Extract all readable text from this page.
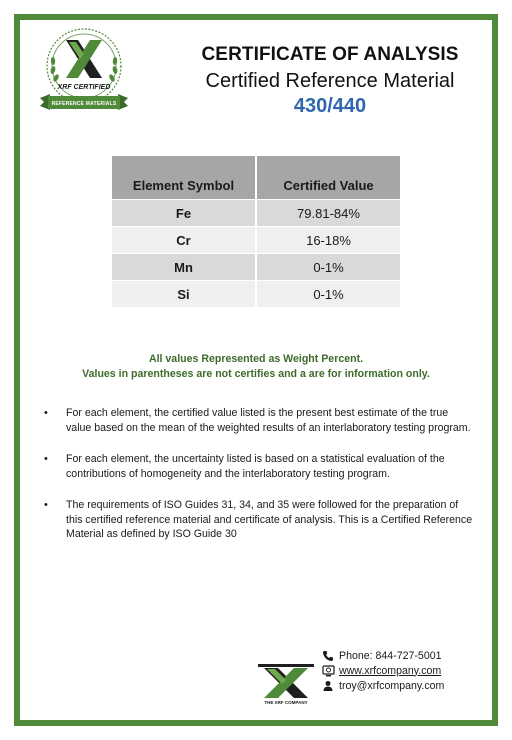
XRF CERTIFIED
REFERENCE MATERIALS
CERTIFICATE OF ANALYSIS
Certified Reference Material
430/440
Element Symbol	Certified Value
Fe	79.81-84%
Cr	16-18%
Mn	0-1%
Si	0-1%
All values Represented as Weight Percent.
Values in parentheses are not certifies and a are for information only.
•	For each element, the certified value listed is the present best estimate of the true value based on the mean of the weighted results of an interlaboratory testing program.
•	For each element, the uncertainty listed is based on a statistical evaluation of the contributions of homogeneity and the interlaboratory testing program.
•	The requirements of ISO Guides 31, 34, and 35 were followed for the preparation of this certified reference material and certificate of analysis. This is a Certified Reference Material as defined by ISO Guide 30
THE XRF COMPANY
Phone: 844-727-5001
www.xrfcompany.com
troy@xrfcompany.com
